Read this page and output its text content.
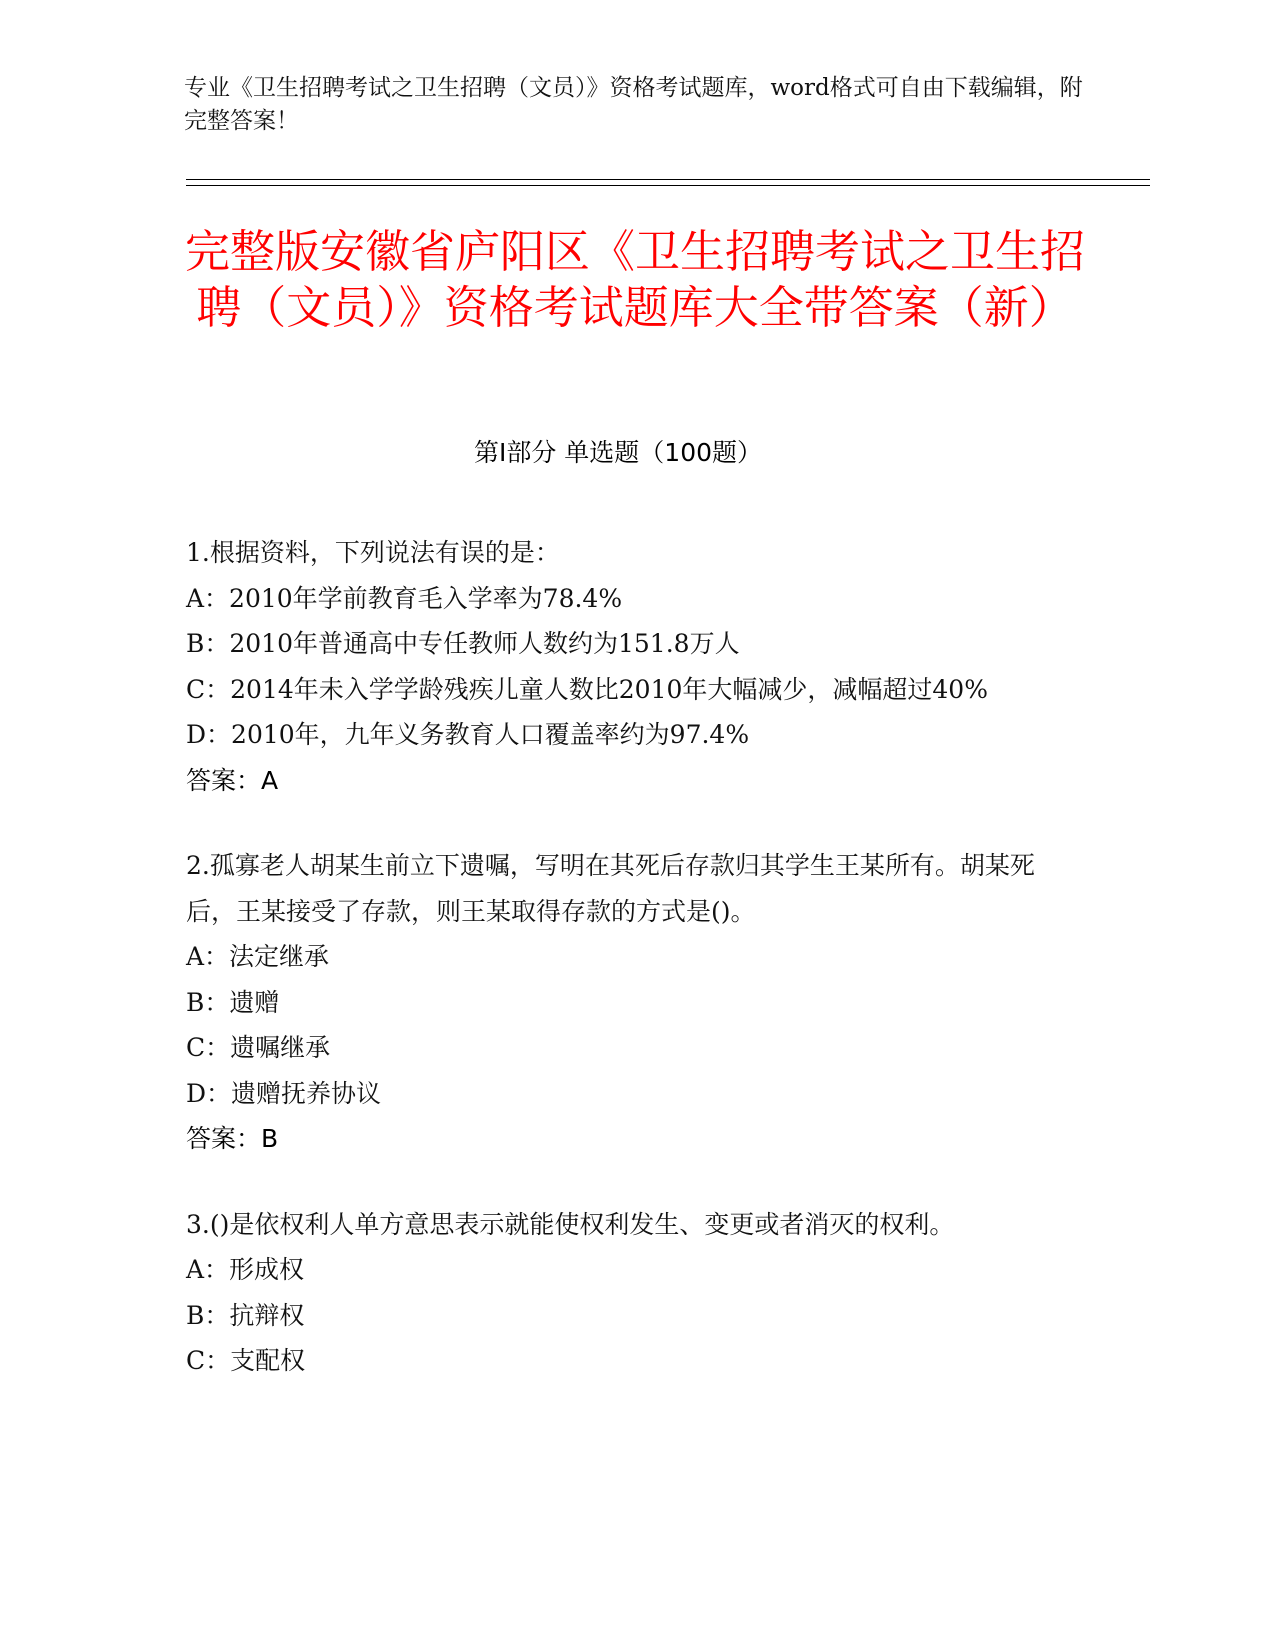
专业《卫生招聘考试之卫生招聘（文员）》资格考试题库，word格式可自由下载编辑，附完整答案！
完整版安徽省庐阳区《卫生招聘考试之卫生招聘（文员）》资格考试题库大全带答案（新）
第Ⅰ部分 单选题（100题）
1.根据资料，下列说法有误的是：
A：2010年学前教育毛入学率为78.4%
B：2010年普通高中专任教师人数约为151.8万人
C：2014年未入学学龄残疾儿童人数比2010年大幅减少，减幅超过40%
D：2010年，九年义务教育人口覆盖率约为97.4%
答案：A
2.孤寡老人胡某生前立下遗嘱，写明在其死后存款归其学生王某所有。胡某死后，王某接受了存款，则王某取得存款的方式是()。
A：法定继承
B：遗赠
C：遗嘱继承
D：遗赠抚养协议
答案：B
3.()是依权利人单方意思表示就能使权利发生、变更或者消灭的权利。
A：形成权
B：抗辩权
C：支配权
